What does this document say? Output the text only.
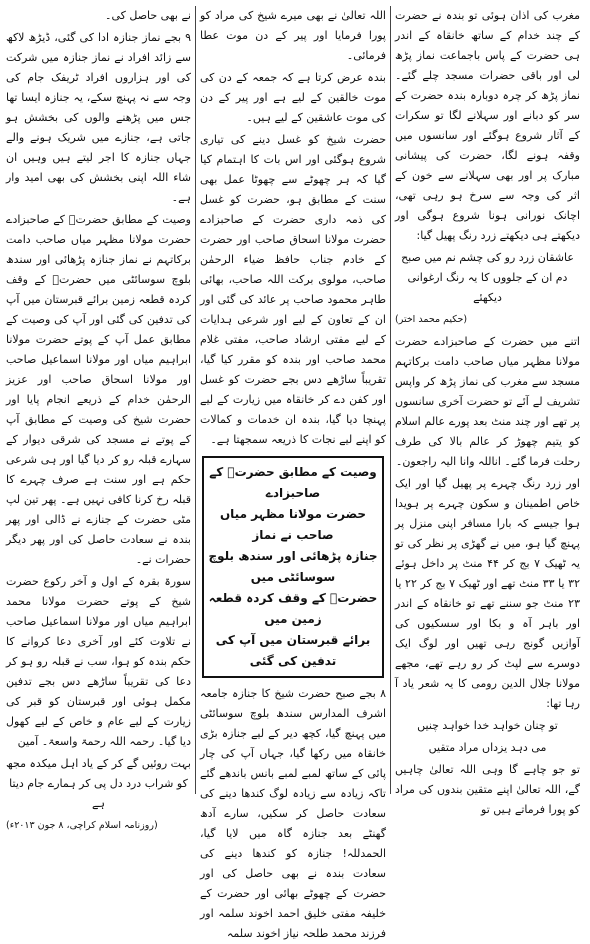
مغرب کی اذان ہوئی تو بندہ نے حضرت کے چند خدام کے ساتھ خانقاہ کے اندر ہی حضرت کے پاس باجماعت نماز پڑھ لی اور باقی حضرات مسجد چلے گئے۔ نماز پڑھ کر چرہ دوبارہ بندہ حضرت کے سر کو دبانے اور سہلانے لگا تو سکرات کے آثار شروع ہوگئے اور سانسوں میں وقفہ ہونے لگا، حضرت کی پیشانی مبارک پر اور بھی سہلانے سے خون کے اثر کی وجہ سے سرخ ہو رہی تھی، اچانک نورانی ہونا شروع ہوگی اور دیکھتے ہی دیکھتے زرد رنگ پھیل گیا:

عاشقان زرد رو کی چشم نم میں صبح دم ان کے جلووں کا یہ رنگ ارغوانی دیکھئے

(حکیم محمد اختر)

اتنے میں حضرت کے صاحبزادے حضرت مولانا مظہر میاں صاحب دامت برکاتہم مسجد سے مغرب کی نماز پڑھ کر واپس تشریف لے آئے تو حضرت آخری سانسوں پر تھے اور چند منٹ بعد پورے عالم اسلام کو یتیم چھوڑ کر عالم بالا کی طرف رحلت فرما گئے۔ اناللہ وانا الیہ راجعون۔

اور زرد رنگ چہرے پر پھیل گیا اور ایک خاص اطمینان و سکون چہرے پر ہویدا ہوا جیسے کہ بارا مسافر اپنی منزل پر پہنچ گیا ہو، میں نے گھڑی پر نظر کی تو یہ ٹھیک ۷ بج کر ۴۴ منٹ پر داخل ہوئے ۳۲ یا ۳۳ منٹ تھے اور ٹھیک ۷ بج کر ۲۲ یا ۲۳ منٹ جو سننے تھے تو خانقاہ کے اندر اور باہر آہ و بکا اور سسکیوں کی آوازیں گونج رہی تھیں اور لوگ ایک دوسرے سے لپٹ کر رو رہے تھے، مجھے مولانا جلال الدین رومی کا یہ شعر یاد آ رہا تھا:

تو چنان خواہد خدا خواہد چنیں

می دہد یزداں مراد متقیں

تو جو چاہے گا وہی اللہ تعالیٰ چاہیں گے، اللہ تعالیٰ اپنے متقین بندوں کی مراد کو پورا فرماتے ہیں تو

اللہ تعالیٰ نے بھی میرے شیخ کی مراد کو پورا فرمایا اور پیر کے دن موت عطا فرمائی۔

بندہ عرض کرتا ہے کہ جمعہ کے دن کی موت خالقین کے لیے ہے اور پیر کے دن کی موت عاشقین کے لیے ہیں۔

حضرت شیخ کو غسل دینے کی تیاری شروع ہوگئی اور اس بات کا اہتمام کیا گیا کہ ہر چھوٹے سے چھوٹا عمل بھی سنت کے مطابق ہو، حضرت کو غسل کی ذمہ داری حضرت کے صاحبزادے حضرت مولانا اسحاق صاحب اور حضرت کے خادم جناب حافظ ضیاء الرحمٰن صاحب، مولوی برکت اللہ صاحب، بھائی طاہر محمود صاحب پر عائد کی گئی اور ان کے تعاون کے لیے اور شرعی ہدایات کے لیے مفتی ارشاد صاحب، مفتی غلام محمد صاحب اور بندہ کو مقرر کیا گیا، تقریباً ساڑھے دس بجے حضرت کو غسل اور کفن دے کر خانقاہ میں زیارت کے لیے پہنچا دیا گیا، بندہ ان خدمات و کمالات کو اپنے لیے نجات کا ذریعہ سمجھتا ہے۔

وصیت کے مطابق حضرتؒ کے صاحبزادے

حضرت مولانا مظہر میاں صاحب نے نماز

جنازہ پڑھائی اور سندھ بلوچ سوسائٹی میں

حضرتؒ کے وقف کردہ قطعہ زمین میں

برائے قبرستان میں آپ کی تدفین کی گئی

۸ بجے صبح حضرت شیخ کا جنازہ جامعہ اشرف المدارس سندھ بلوچ سوسائٹی میں پہنچ گیا، کچھ دیر کے لیے جنازہ بڑی خانقاہ میں رکھا گیا، جہاں آپ کی چار پائی کے ساتھ لمبے لمبے بانس باندھے گئے تاکہ زیادہ سے زیادہ لوگ کندھا دینے کی سعادت حاصل کر سکیں، سارے آدھ گھنٹے بعد جنازہ گاہ میں لایا گیا، الحمدللہ! جنازہ کو کندھا دینے کی سعادت بندہ نے بھی حاصل کی اور حضرت کے چھوٹے بھائی اور حضرت کے خلیفہ مفتی خلیق احمد اخوند سلمہ اور فرزند محمد طلحہ نیاز اخوند سلمہ

نے بھی حاصل کی۔

۹ بجے نماز جنازہ ادا کی گئی، ڈیڑھ لاکھ سے زائد افراد نے نماز جنازہ میں شرکت کی اور ہزاروں افراد ٹریفک جام کی وجہ سے نہ پہنچ سکے، یہ جنازہ ایسا تھا جس میں پڑھنے والوں کی بخشش ہو جاتی ہے، جنازے میں شریک ہونے والے جہاں جنازہ کا اجر لیتے ہیں وہیں ان شاء اللہ اپنی بخشش کی بھی امید وار ہے۔

وصیت کے مطابق حضرتؒ کے صاحبزادے حضرت مولانا مظہر میاں صاحب دامت برکاتہم نے نماز جنازہ پڑھائی اور سندھ بلوچ سوسائٹی میں حضرتؒ کے وقف کردہ قطعہ زمین برائے قبرستان میں آپ کی تدفین کی گئی اور آپ کی وصیت کے مطابق عمل آپ کے پوتے حضرت مولانا ابراہیم میاں اور مولانا اسماعیل صاحب اور مولانا اسحاق صاحب اور عزیز الرحمٰن خدام کے ذریعے انجام پایا اور حضرت شیخ کی وصیت کے مطابق آپ کے پوتے نے مسجد کی شرقی دیوار کے سہارے قبلہ رو کر دیا گیا اور ہی شرعی حکم ہے اور سنت ہے صرف چہرے کا قبلہ رخ کرنا کافی نہیں ہے۔ پھر تین لپ مٹی حضرت کے جنازے نے ڈالی اور پھر بندہ نے سعادت حاصل کی اور پھر دیگر حضرات نے۔

سورۃ بقرہ کے اول و آخر رکوع حضرت شیخ کے پوتے حضرت مولانا محمد ابراہیم میاں اور مولانا اسماعیل صاحب نے تلاوت کئے اور آخری دعا کروانے کا حکم بندہ کو ہوا، سب نے قبلہ رو ہو کر دعا کی تقریباً ساڑھے دس بجے تدفین مکمل ہوئی اور قبرستان کو قبر کی زیارت کے لیے عام و خاص کے لیے کھول دیا گیا۔ رحمہ اللہ رحمۃ واسعۃ۔ آمین

بہت روئیں گے کر کے یاد اہل میکدہ مجھ کو شراب درد دل پی کر ہمارے جام دیتا ہے

(روزنامہ اسلام کراچی، ۸ جون ۲۰۱۳ء)
